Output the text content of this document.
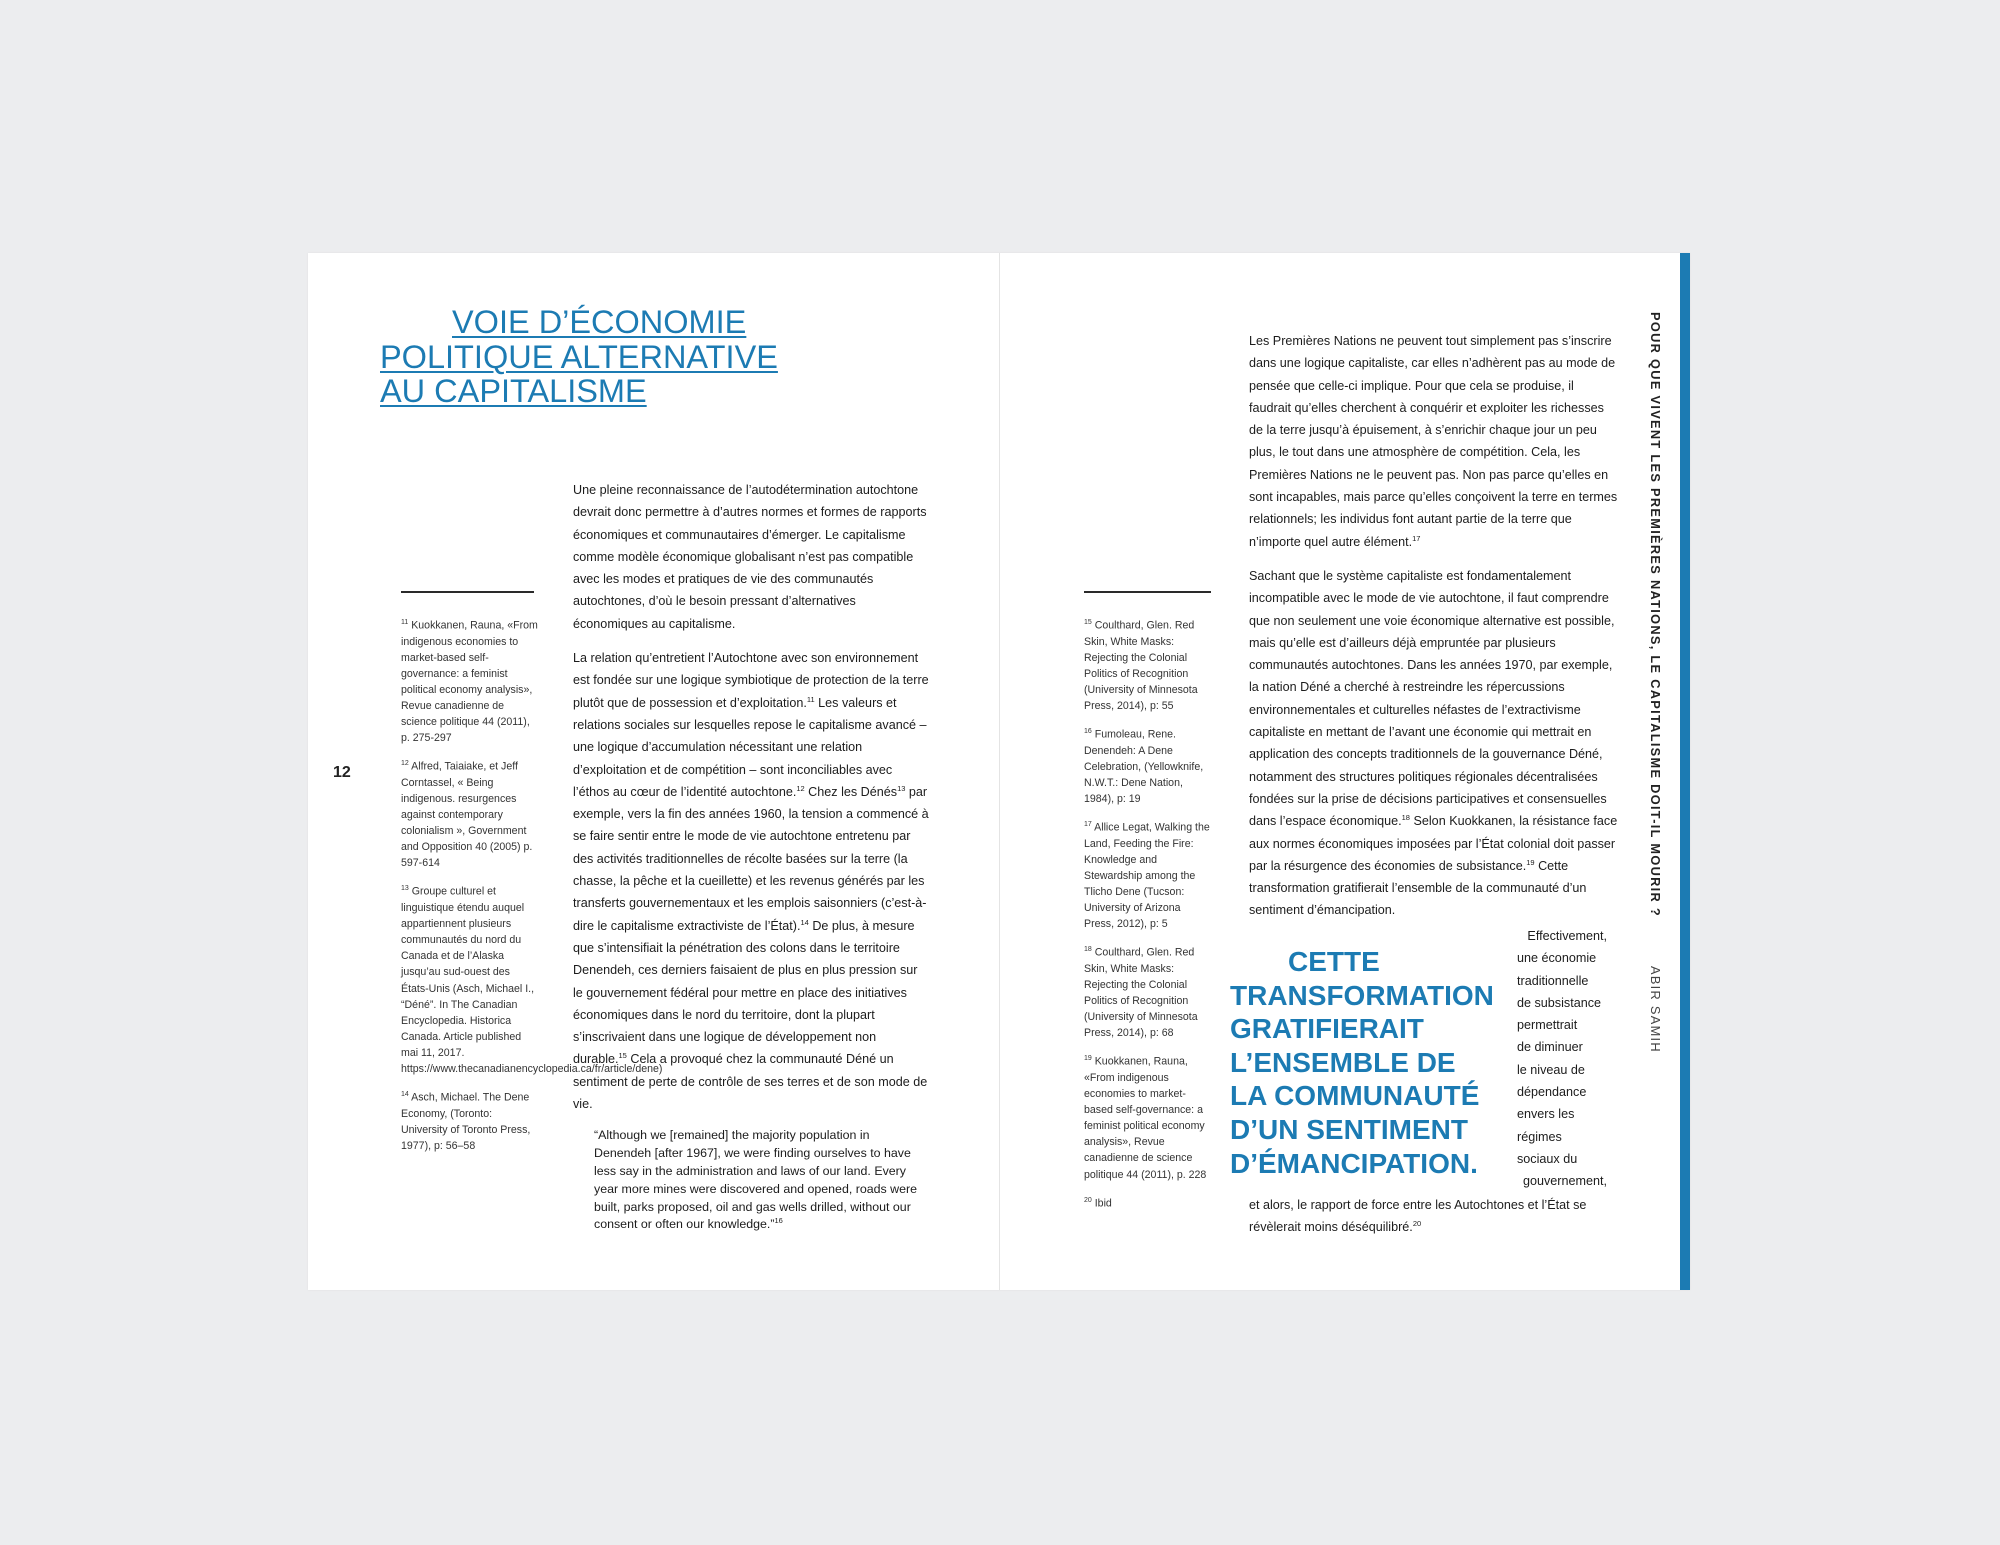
VOIE D’ÉCONOMIE
POLITIQUE ALTERNATIVE
AU CAPITALISME
12

$^{11}$ Kuokkanen, Rauna, «From indigenous economies to market-based self-governance: a feminist political economy analysis», Revue canadienne de science politique 44 (2011), p. 275-297

$^{12}$ Alfred, Taiaiake, et Jeff Corntassel, « Being indigenous. resurgences against contemporary colonialism », Government and Opposition 40 (2005) p. 597-614

$^{13}$ Groupe culturel et linguistique étendu auquel appartiennent plusieurs communautés du nord du Canada et de l’Alaska jusqu’au sud-ouest des États-Unis (Asch, Michael I., “Déné”. In The Canadian Encyclopedia. Historica Canada. Article published mai 11, 2017. https://www.thecanadianencyclopedia.ca/fr/article/dene)

$^{14}$ Asch, Michael. The Dene Economy, (Toronto: University of Toronto Press, 1977), p: 56–58

Une pleine reconnaissance de l’autodétermination autochtone devrait donc permettre à d’autres normes et formes de rapports économiques et communautaires d’émerger. Le capitalisme comme modèle économique globalisant n’est pas compatible avec les modes et pratiques de vie des communautés autochtones, d’où le besoin pressant d’alternatives économiques au capitalisme.

La relation qu’entretient l’Autochtone avec son environnement est fondée sur une logique symbiotique de protection de la terre plutôt que de possession et d’exploitation.$^{11}$ Les valeurs et relations sociales sur lesquelles repose le capitalisme avancé – une logique d’accumulation nécessitant une relation d’exploitation et de compétition – sont inconciliables avec l’éthos au cœur de l’identité autochtone.$^{12}$ Chez les Dénés$^{13}$ par exemple, vers la fin des années 1960, la tension a commencé à se faire sentir entre le mode de vie autochtone entretenu par des activités traditionnelles de récolte basées sur la terre (la chasse, la pêche et la cueillette) et les revenus générés par les transferts gouvernementaux et les emplois saisonniers (c’est-à-dire le capitalisme extractiviste de l’État).$^{14}$ De plus, à mesure que s’intensifiait la pénétration des colons dans le territoire Denendeh, ces derniers faisaient de plus en plus pression sur le gouvernement fédéral pour mettre en place des initiatives économiques dans le nord du territoire, dont la plupart s’inscrivaient dans une logique de développement non durable.$^{15}$ Cela a provoqué chez la communauté Déné un sentiment de perte de contrôle de ses terres et de son mode de vie.

“Although we [remained] the majority population in Denendeh [after 1967], we were finding ourselves to have less say in the administration and laws of our land. Every year more mines were discovered and opened, roads were built, parks proposed, oil and gas wells drilled, without our consent or often our knowledge.”$^{16}$

$^{15}$ Coulthard, Glen. Red Skin, White Masks: Rejecting the Colonial Politics of Recognition (University of Minnesota Press, 2014), p: 55

$^{16}$ Fumoleau, Rene. Denendeh: A Dene Celebration, (Yellowknife, N.W.T.: Dene Nation, 1984), p: 19

$^{17}$ Allice Legat, Walking the Land, Feeding the Fire: Knowledge and Stewardship among the Tlicho Dene (Tucson: University of Arizona Press, 2012), p: 5

$^{18}$ Coulthard, Glen. Red Skin, White Masks: Rejecting the Colonial Politics of Recognition (University of Minnesota Press, 2014), p: 68

$^{19}$ Kuokkanen, Rauna, «From indigenous economies to market-based self-governance: a feminist political economy analysis», Revue canadienne de science politique 44 (2011), p. 228

$^{20}$ Ibid

Les Premières Nations ne peuvent tout simplement pas s’inscrire dans une logique capitaliste, car elles n’adhèrent pas au mode de pensée que celle-ci implique. Pour que cela se produise, il faudrait qu’elles cherchent à conquérir et exploiter les richesses de la terre jusqu’à épuisement, à s’enrichir chaque jour un peu plus, le tout dans une atmosphère de compétition. Cela, les Premières Nations ne le peuvent pas. Non pas parce qu’elles en sont incapables, mais parce qu’elles conçoivent la terre en termes relationnels; les individus font autant partie de la terre que n’importe quel autre élément.$^{17}$

Sachant que le système capitaliste est fondamentalement incompatible avec le mode de vie autochtone, il faut comprendre que non seulement une voie économique alternative est possible, mais qu’elle est d’ailleurs déjà empruntée par plusieurs communautés autochtones. Dans les années 1970, par exemple, la nation Déné a cherché à restreindre les répercussions environnementales et culturelles néfastes de l’extractivisme capitaliste en mettant de l’avant une économie qui mettrait en application des concepts traditionnels de la gouvernance Déné, notamment des structures politiques régionales décentralisées fondées sur la prise de décisions participatives et consensuelles dans l’espace économique.$^{18}$ Selon Kuokkanen, la résistance face aux normes économiques imposées par l’État colonial doit passer par la résurgence des économies de subsistance.$^{19}$ Cette transformation gratifierait l’ensemble de la communauté d’un sentiment d’émancipation.

CETTE
TRANSFORMATION
GRATIFIERAIT
L’ENSEMBLE DE
LA COMMUNAUTÉ
D’UN SENTIMENT
D’ÉMANCIPATION.
Effectivement,
une économie
traditionnelle
de subsistance
permettrait
de diminuer
le niveau de
dépendance
envers les
régimes
sociaux du
gouvernement,

et alors, le rapport de force entre les Autochtones et l’État se révèlerait moins déséquilibré.$^{20}$

POUR QUE VIVENT LES PREMIÈRES NATIONS, LE CAPITALISME DOIT-IL MOURIR ? ABIR SAMIH
